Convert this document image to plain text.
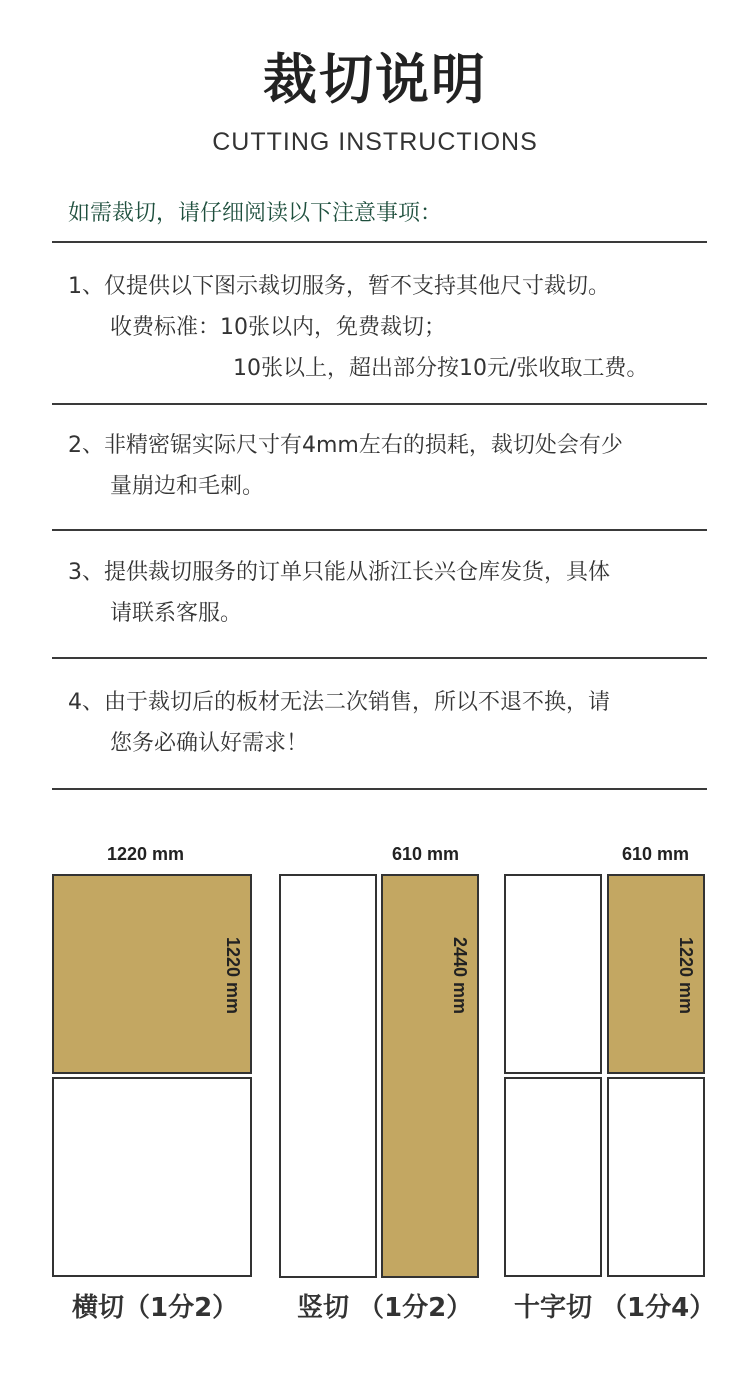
裁切说明
CUTTING INSTRUCTIONS
如需裁切，请仔细阅读以下注意事项：
1、仅提供以下图示裁切服务，暂不支持其他尺寸裁切。
收费标准：10张以内，免费裁切；
10张以上，超出部分按10元/张收取工费。
2、非精密锯实际尺寸有4mm左右的损耗，裁切处会有少
量崩边和毛刺。
3、提供裁切服务的订单只能从浙江长兴仓库发货，具体
请联系客服。
4、由于裁切后的板材无法二次销售，所以不退不换，请
您务必确认好需求！
1220 mm
1220 mm
横切（1分2）
610 mm
2440 mm
竖切 （1分2）
610 mm
1220 mm
十字切 （1分4）
